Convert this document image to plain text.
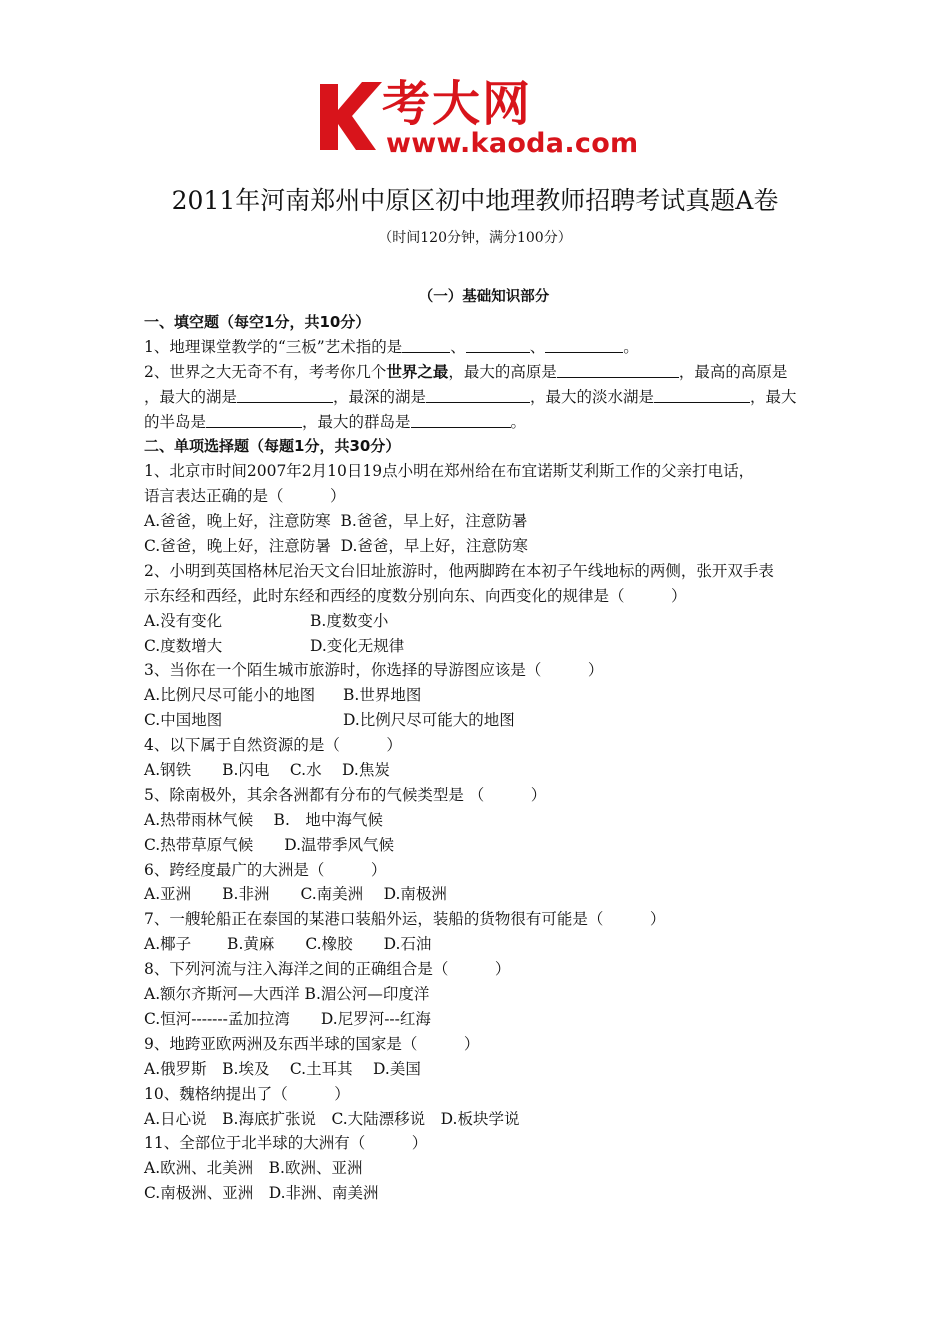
考大网
www.kaoda.com
2011年河南郑州中原区初中地理教师招聘考试真题A卷
（时间120分钟，满分100分）
（一）基础知识部分
一、填空题（每空1分，共10分）
1、地理课堂教学的“三板”艺术指的是	、	、	。
2、世界之大无奇不有，考考你几个世界之最，最大的高原是	，最高的高原是
，最大的湖是	，最深的湖是	，最大的淡水湖是	，最大
的半岛是	，最大的群岛是	。
二、单项选择题（每题1分，共30分）
1、北京市时间2007年2月10日19点小明在郑州给在布宜诺斯艾利斯工作的父亲打电话，
语言表达正确的是（　　　）
A.爸爸，晚上好，注意防寒 B.爸爸，早上好，注意防暑
C.爸爸，晚上好，注意防暑 D.爸爸，早上好，注意防寒
2、小明到英国格林尼治天文台旧址旅游时，他两脚跨在本初子午线地标的两侧，张开双手表
示东经和西经，此时东经和西经的度数分别向东、向西变化的规律是（　　　）
A.没有变化	B.度数变小
C.度数增大	D.变化无规律
3、当你在一个陌生城市旅游时，你选择的导游图应该是（　　　）
A.比例尺尽可能小的地图 B.世界地图
C.中国地图	D.比例尺尽可能大的地图
4、以下属于自然资源的是（　　　）
A.钢铁　　B.闪电　 C.水　 D.焦炭
5、除南极外，其余各洲都有分布的气候类型是 （　　　）
A.热带雨林气候　 B.　地中海气候
C.热带草原气候　　D.温带季风气候
6、跨经度最广的大洲是（　　　）
A.亚洲　　B.非洲　　C.南美洲　 D.南极洲
7、一艘轮船正在泰国的某港口装船外运，装船的货物很有可能是（　　　）
A.椰子　　 B.黄麻　　C.橡胶　　D.石油
8、下列河流与注入海洋之间的正确组合是（　　　）
A.额尔齐斯河—大西洋 B.湄公河—印度洋
C.恒河-------孟加拉湾　　D.尼罗河---红海
9、地跨亚欧两洲及东西半球的国家是（　　　）
A.俄罗斯　B.埃及　 C.土耳其　 D.美国
10、魏格纳提出了（　　　）
A.日心说　B.海底扩张说　C.大陆漂移说　D.板块学说
11、全部位于北半球的大洲有（　　　）
A.欧洲、北美洲　B.欧洲、亚洲
C.南极洲、亚洲　D.非洲、南美洲
